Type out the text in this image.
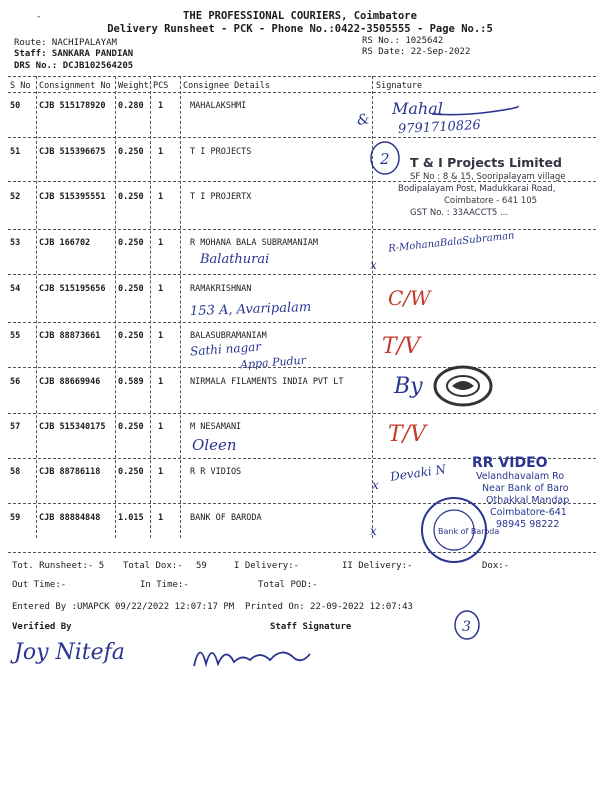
THE PROFESSIONAL COURIERS, Coimbatore
Delivery Runsheet - PCK - Phone No.:0422-3505555 - Page No.:5
-
Route: NACHIPALAYAM
Staff: SANKARA PANDIAN
DRS No.: DCJB102564205
RS No.: 1025642
RS Date: 22-Sep-2022
S No Consignment No Weight PCS Consignee Details	Signature
50 CJB 515178920 0.280 1	MAHALAKSHMI
51 CJB 515396675 0.250 1	T I PROJECTS
52 CJB 515395551 0.250 1	T I PROJERTX
53 CJB 166702	0.250 1	R MOHANA BALA SUBRAMANIAM
54 CJB 515195656 0.250 1	RAMAKRISHNAN
55 CJB 88873661 0.250 1	BALASUBRAMANIAM
56 CJB 88669946 0.589 1	NIRMALA FILAMENTS INDIA PVT LT
57 CJB 515340175 0.250 1	M NESAMANI
58 CJB 88786118 0.250 1	R R VIDIOS
59 CJB 88884848 1.015 1	BANK OF BARODA
Tot. Runsheet:- 5 Total Dox:- 59	I Delivery:-	II Delivery:-	Dox:-
Out Time:-	In Time:-	Total POD:-
Entered By :UMAPCK 09/22/2022 12:07:17 PM Printed On: 22-09-2022 12:07:43
Verified By	Staff Signature
&
Mahal
9791710826
2
R-MohanaBalaSubraman
Balathurai	x
C/W
153 A, Avaripalam
T/V
Sathi nagar
Appa Pudur
By
T/V
Oleen
x
Devaki N
x
3
Joy Nitefa
T & I Projects Limited
SF No : 8 & 15, Sooripalayam village
Bodipalayam Post, Madukkarai Road,
Coimbatore - 641 105
GST No. : 33AACCT5 ...
RR VIDEO
Velandhavalam Ro
Near Bank of Baro
Othakkal Mandap
Coimbatore-641
98945 98222
Bank of Baroda
